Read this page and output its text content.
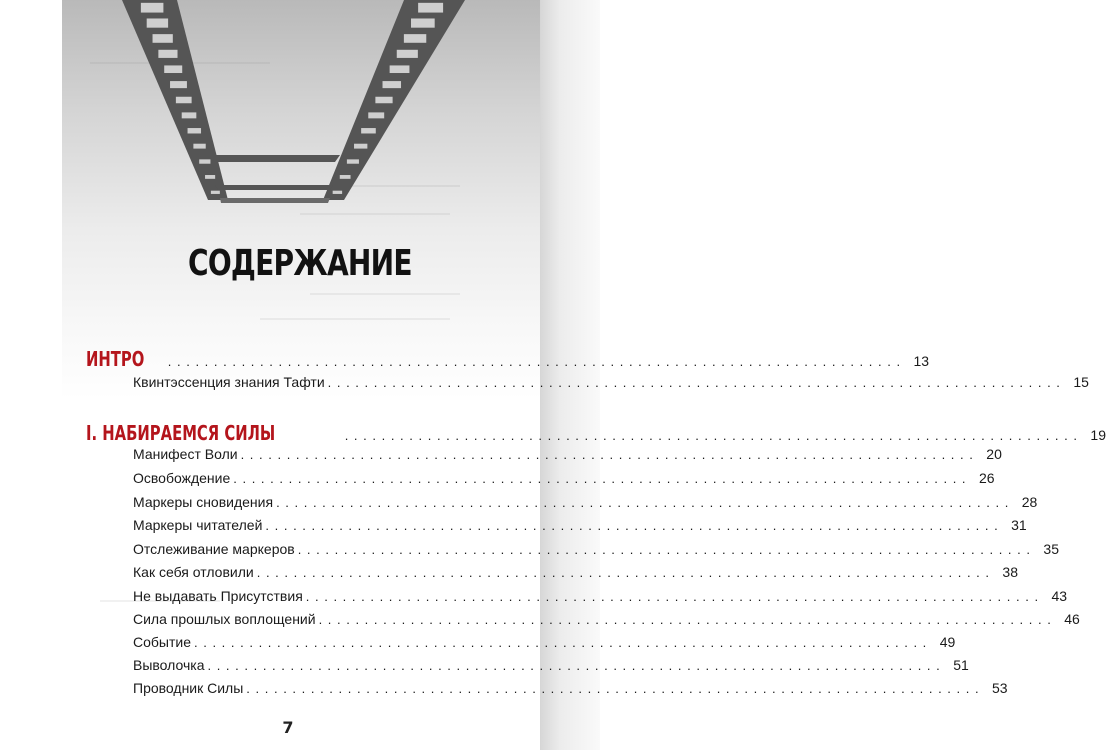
СОДЕРЖАНИЕ
ИНТРО . . . . . . . . . . . . . . . . . . . . . . . . . . . . . . . . . . . . . . . . . . . . . . . . . . . . . . . . . . . . . . . . . . . . . . . . . . . . . . . . 13
Квинтэссенция знания Тафти . . . . . . . . . . . . . . . . . . . . . . . . . . . . . . . . . . . . . . . . . . . . . . . . . . . . . . . . . . . . . . . . . . . . . . . . . . . . . . . . 15
I. НАБИРАЕМСЯ СИЛЫ	. . . . . . . . . . . . . . . . . . . . . . . . . . . . . . . . . . . . . . . . . . . . . . . . . . . . . . . . . . . . . . . . . . . . . . . . . . . . . . . . 19
Манифест Воли . . . . . . . . . . . . . . . . . . . . . . . . . . . . . . . . . . . . . . . . . . . . . . . . . . . . . . . . . . . . . . . . . . . . . . . . . . . . . . . . 20
Освобождение . . . . . . . . . . . . . . . . . . . . . . . . . . . . . . . . . . . . . . . . . . . . . . . . . . . . . . . . . . . . . . . . . . . . . . . . . . . . . . . . 26
Маркеры сновидения . . . . . . . . . . . . . . . . . . . . . . . . . . . . . . . . . . . . . . . . . . . . . . . . . . . . . . . . . . . . . . . . . . . . . . . . . . . . . . . . 28
Маркеры читателей . . . . . . . . . . . . . . . . . . . . . . . . . . . . . . . . . . . . . . . . . . . . . . . . . . . . . . . . . . . . . . . . . . . . . . . . . . . . . . . . 31
Отслеживание маркеров . . . . . . . . . . . . . . . . . . . . . . . . . . . . . . . . . . . . . . . . . . . . . . . . . . . . . . . . . . . . . . . . . . . . . . . . . . . . . . . . 35
Как себя отловили . . . . . . . . . . . . . . . . . . . . . . . . . . . . . . . . . . . . . . . . . . . . . . . . . . . . . . . . . . . . . . . . . . . . . . . . . . . . . . . . 38
Не выдавать Присутствия . . . . . . . . . . . . . . . . . . . . . . . . . . . . . . . . . . . . . . . . . . . . . . . . . . . . . . . . . . . . . . . . . . . . . . . . . . . . . . . . 43
Сила прошлых воплощений . . . . . . . . . . . . . . . . . . . . . . . . . . . . . . . . . . . . . . . . . . . . . . . . . . . . . . . . . . . . . . . . . . . . . . . . . . . . . . . . 46
Событие . . . . . . . . . . . . . . . . . . . . . . . . . . . . . . . . . . . . . . . . . . . . . . . . . . . . . . . . . . . . . . . . . . . . . . . . . . . . . . . . 49
Выволочка . . . . . . . . . . . . . . . . . . . . . . . . . . . . . . . . . . . . . . . . . . . . . . . . . . . . . . . . . . . . . . . . . . . . . . . . . . . . . . . . 51
Проводник Силы . . . . . . . . . . . . . . . . . . . . . . . . . . . . . . . . . . . . . . . . . . . . . . . . . . . . . . . . . . . . . . . . . . . . . . . . . . . . . . . . 53
7
